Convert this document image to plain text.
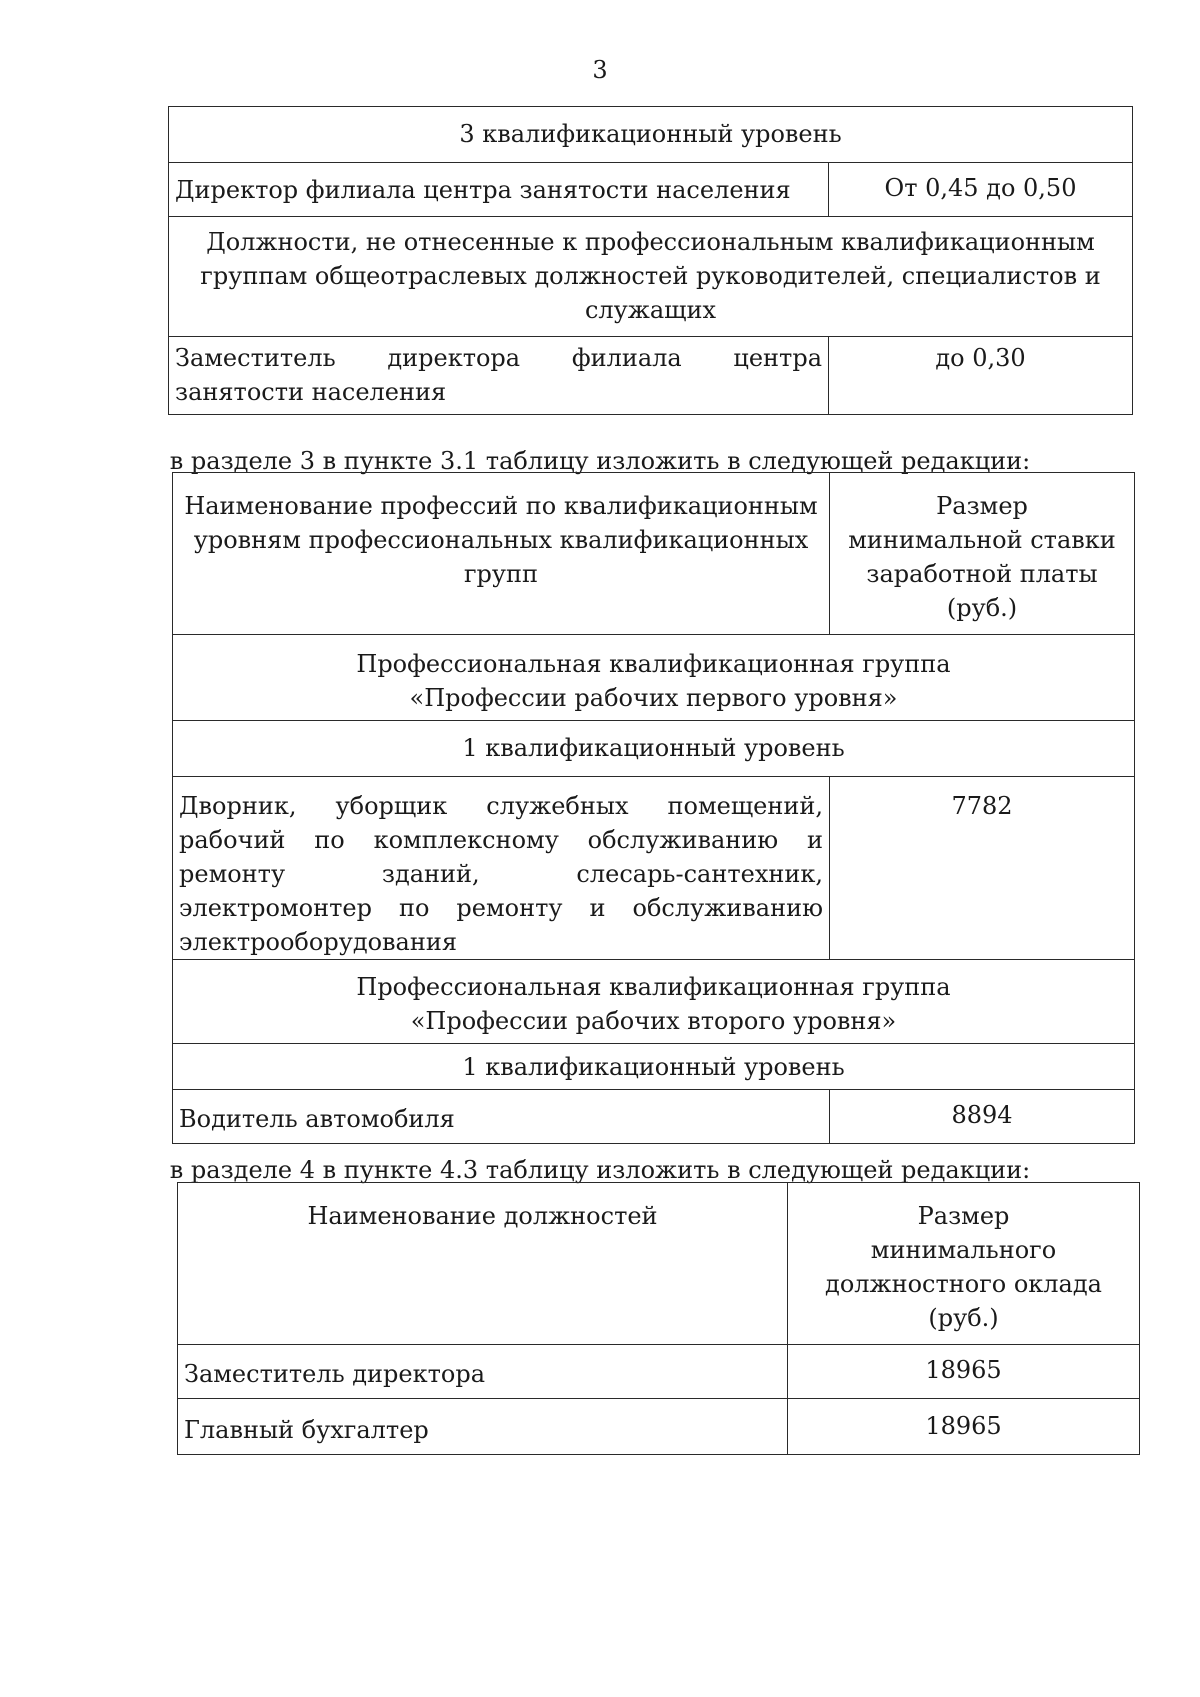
3
3 квалификационный уровень	
Директор филиала центра занятости населения	От 0,45 до 0,50
Должности, не отнесенные к профессиональным квалификационным
группам общеотраслевых должностей руководителей, специалистов и
служащих	
Заместитель директора филиала центра занятости населения	до 0,30
в разделе 3 в пункте 3.1 таблицу изложить в следующей редакции:
Наименование профессий по квалификационным
уровням профессиональных квалификационных
групп	Размер
минимальной ставки
заработной платы
(руб.)
Профессиональная квалификационная группа
«Профессии рабочих первого уровня»	
1 квалификационный уровень	
Дворник, уборщик служебных помещений, рабочий по комплексному обслуживанию и ремонту зданий, слесарь-сантехник, электромонтер по ремонту и обслуживанию электрооборудования	7782
Профессиональная квалификационная группа
«Профессии рабочих второго уровня»	
1 квалификационный уровень	
Водитель автомобиля	8894
в разделе 4 в пункте 4.3 таблицу изложить в следующей редакции:
Наименование должностей	Размер
минимального
должностного оклада
(руб.)
Заместитель директора	18965
Главный бухгалтер	18965
